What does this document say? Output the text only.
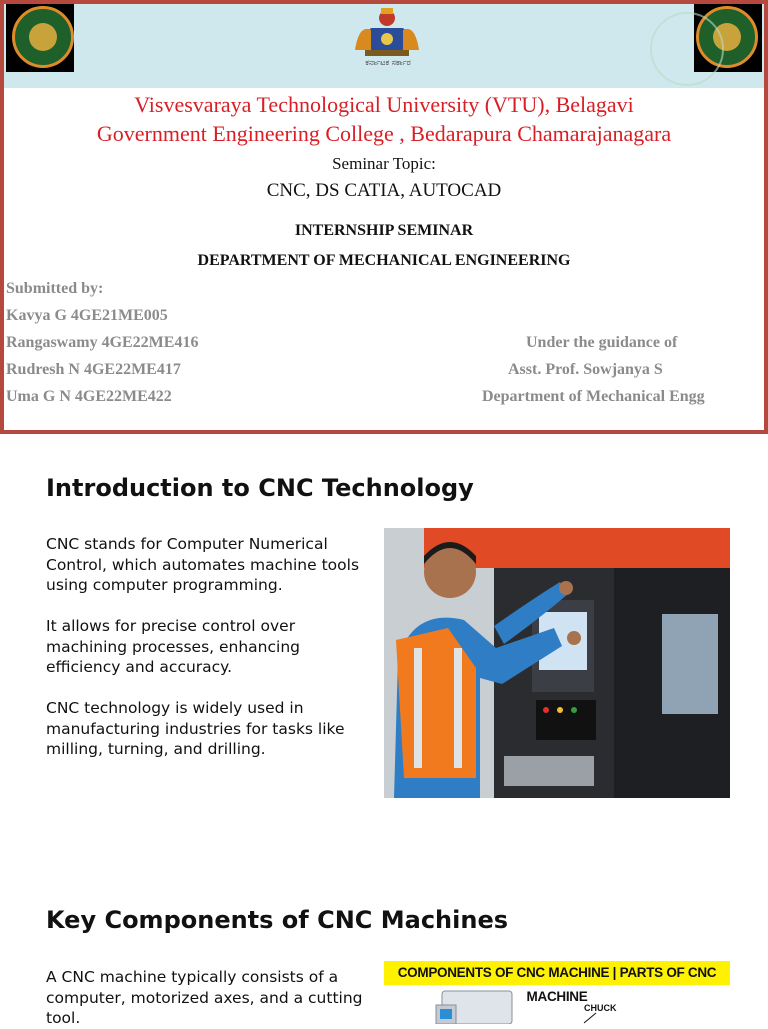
ಕರ್ನಾಟಕ ಸರ್ಕಾರ
Visvesvaraya Technological University (VTU), Belagavi
Government Engineering College , Bedarapura Chamarajanagara
Seminar Topic:
CNC, DS CATIA, AUTOCAD
INTERNSHIP SEMINAR
DEPARTMENT OF MECHANICAL ENGINEERING
Submitted by:
Kavya G 4GE21ME005
Rangaswamy 4GE22ME416
Rudresh N 4GE22ME417
Uma G N 4GE22ME422
Under the guidance of
Asst. Prof. Sowjanya S
Department of Mechanical Engg
Introduction to CNC Technology
CNC stands for Computer Numerical Control, which automates machine tools using computer programming.
It allows for precise control over machining processes, enhancing efficiency and accuracy.
CNC technology is widely used in manufacturing industries for tasks like milling, turning, and drilling.
Key Components of CNC Machines
A CNC machine typically consists of a computer, motorized axes, and a cutting tool.
COMPONENTS OF CNC MACHINE | PARTS OF CNC MACHINE
CHUCK
